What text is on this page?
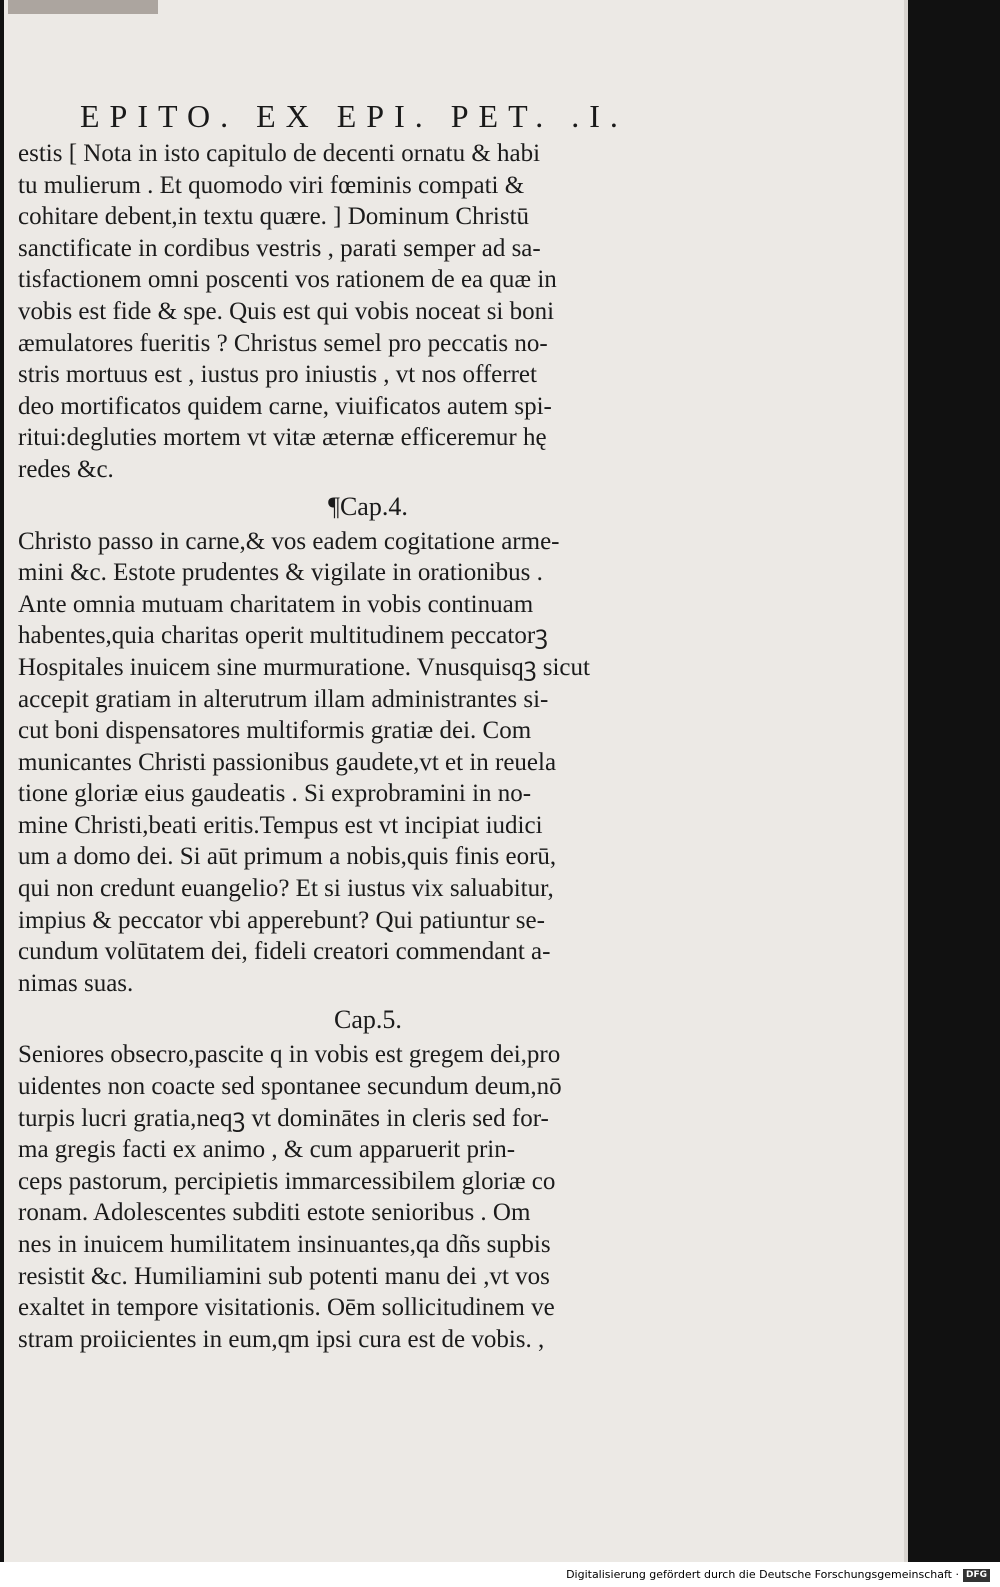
EPITO. EX EPI. PET. .I.
estis [ Nota in isto capitulo de decenti ornatu & habi
tu mulierum . Et quomodo viri fœminis compati &
cohitare debent,in textu quære. ] Dominum Christū
sanctificate in cordibus vestris , parati semper ad sa-
tisfactionem omni poscenti vos rationem de ea quæ in
vobis est fide & spe. Quis est qui vobis noceat si boni
æmulatores fueritis ? Christus semel pro peccatis no-
stris mortuus est , iustus pro iniustis , vt nos offerret
deo mortificatos quidem carne, viuificatos autem spi-
ritui:degluties mortem vt vitæ æternæ efficeremur hę
redes &c.
¶Cap.4.
Christo passo in carne,& vos eadem cogitatione arme-
mini &c. Estote prudentes & vigilate in orationibus .
Ante omnia mutuam charitatem in vobis continuam
habentes,quia charitas operit multitudinem peccatorꝫ
Hospitales inuicem sine murmuratione. Vnusquisqꝫ sicut
accepit gratiam in alterutrum illam administrantes si-
cut boni dispensatores multiformis gratiæ dei. Com
municantes Christi passionibus gaudete,vt et in reuela
tione gloriæ eius gaudeatis . Si exprobramini in no-
mine Christi,beati eritis.Tempus est vt incipiat iudici
um a domo dei. Si aūt primum a nobis,quis finis eorū,
qui non credunt euangelio? Et si iustus vix saluabitur,
impius & peccator vbi apperebunt? Qui patiuntur se-
cundum volūtatem dei, fideli creatori commendant a-
nimas suas.
Cap.5.
Seniores obsecro,pascite q in vobis est gregem dei,pro
uidentes non coacte sed spontanee secundum deum,nō
turpis lucri gratia,neqꝫ vt dominātes in cleris sed for-
ma gregis facti ex animo , & cum apparuerit prin-
ceps pastorum, percipietis immarcessibilem gloriæ co
ronam. Adolescentes subditi estote senioribus . Om
nes in inuicem humilitatem insinuantes,qa dñs supbis
resistit &c. Humiliamini sub potenti manu dei ,vt vos
exaltet in tempore visitationis. Oēm sollicitudinem ve
stram proiicientes in eum,qm ipsi cura est de vobis. ,
Digitalisierung gefördert durch die Deutsche Forschungsgemeinschaft · DFG
